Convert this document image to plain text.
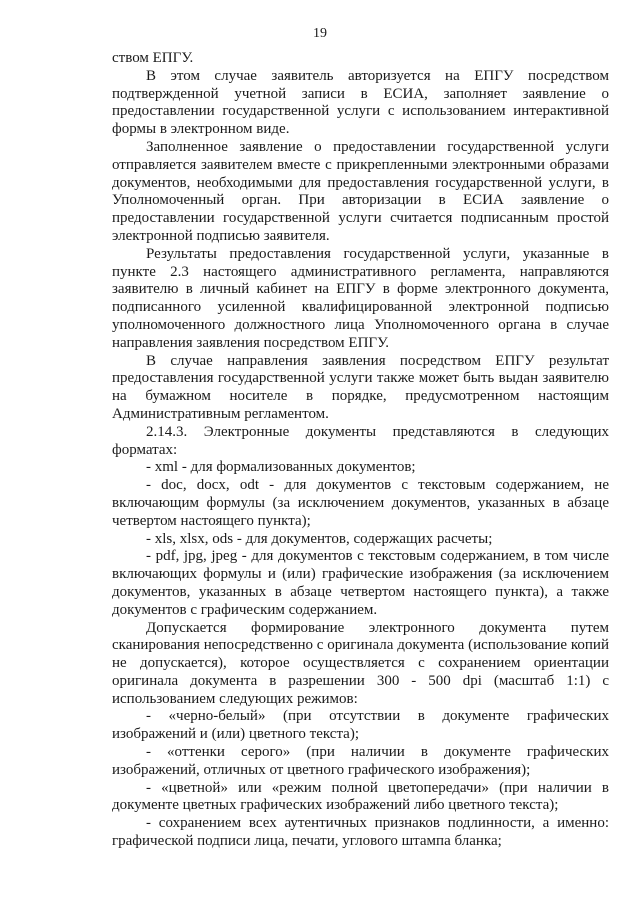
19

ством ЕПГУ.

В этом случае заявитель авторизуется на ЕПГУ посредством подтвержденной учетной записи в ЕСИА, заполняет заявление о предоставлении государственной услуги с использованием интерактивной формы в электронном виде.

Заполненное заявление о предоставлении государственной услуги отправляется заявителем вместе с прикрепленными электронными образами документов, необходимыми для предоставления государственной услуги, в Уполномоченный орган. При авторизации в ЕСИА заявление о предоставлении государственной услуги считается подписанным простой электронной подписью заявителя.

Результаты предоставления государственной услуги, указанные в пункте 2.3 настоящего административного регламента, направляются заявителю в личный кабинет на ЕПГУ в форме электронного документа, подписанного усиленной квалифицированной электронной подписью уполномоченного должностного лица Уполномоченного органа в случае направления заявления посредством ЕПГУ.

В случае направления заявления посредством ЕПГУ результат предоставления государственной услуги также может быть выдан заявителю на бумажном носителе в порядке, предусмотренном настоящим Административным регламентом.

2.14.3. Электронные документы представляются в следующих форматах:

- xml - для формализованных документов;

- doc, docx, odt - для документов с текстовым содержанием, не включающим формулы (за исключением документов, указанных в абзаце четвертом настоящего пункта);

- xls, xlsx, ods - для документов, содержащих расчеты;

- pdf, jpg, jpeg - для документов с текстовым содержанием, в том числе включающих формулы и (или) графические изображения (за исключением документов, указанных в абзаце четвертом настоящего пункта), а также документов с графическим содержанием.

Допускается формирование электронного документа путем сканирования непосредственно с оригинала документа (использование копий не допускается), которое осуществляется с сохранением ориентации оригинала документа в разрешении 300 - 500 dpi (масштаб 1:1) с использованием следующих режимов:

- «черно-белый» (при отсутствии в документе графических изображений и (или) цветного текста);

- «оттенки серого» (при наличии в документе графических изображений, отличных от цветного графического изображения);

- «цветной» или «режим полной цветопередачи» (при наличии в документе цветных графических изображений либо цветного текста);

- сохранением всех аутентичных признаков подлинности, а именно: графической подписи лица, печати, углового штампа бланка;
